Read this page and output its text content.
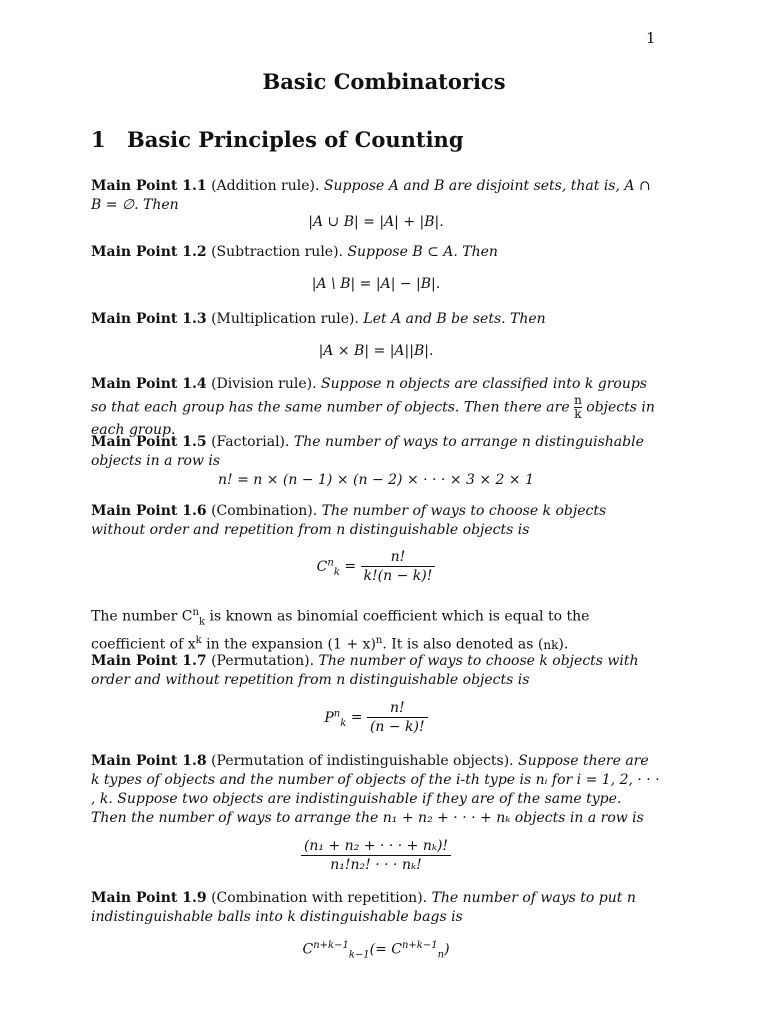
1
Basic Combinatorics
1 Basic Principles of Counting
Main Point 1.1 (Addition rule). Suppose A and B are disjoint sets, that is, A ∩ B = ∅. Then
|A ∪ B| = |A| + |B|.
Main Point 1.2 (Subtraction rule). Suppose B ⊂ A. Then
|A \ B| = |A| − |B|.
Main Point 1.3 (Multiplication rule). Let A and B be sets. Then
|A × B| = |A||B|.
Main Point 1.4 (Division rule). Suppose n objects are classified into k groups so that each group has the same number of objects. Then there are $\frac{n}{k}$ objects in each group.
Main Point 1.5 (Factorial). The number of ways to arrange n distinguishable objects in a row is
n! = n × (n − 1) × (n − 2) × · · · × 3 × 2 × 1
Main Point 1.6 (Combination). The number of ways to choose k objects without order and repetition from n distinguishable objects is
$C^n_k = \frac{n!}{k!(n - k)!}$
The number $C^n_k$ is known as binomial coefficient which is equal to the coefficient of $x^k$ in the expansion $(1 + x)^n$. It is also denoted as (nk).
Main Point 1.7 (Permutation). The number of ways to choose k objects with order and without repetition from n distinguishable objects is
$P^n_k = \frac{n!}{(n - k)!}$
Main Point 1.8 (Permutation of indistinguishable objects). Suppose there are k types of objects and the number of objects of the i-th type is nᵢ for i = 1, 2, · · · , k. Suppose two objects are indistinguishable if they are of the same type. Then the number of ways to arrange the n₁ + n₂ + · · · + nₖ objects in a row is
$\frac{\text{(n₁ + n₂ + · · · + nₖ)!}}{\text{n₁!n₂! · · · nₖ!}}$
Main Point 1.9 (Combination with repetition). The number of ways to put n indistinguishable balls into k distinguishable bags is
$C^{n+k-1}_{k-1}(= C^{n+k-1}_n)$
